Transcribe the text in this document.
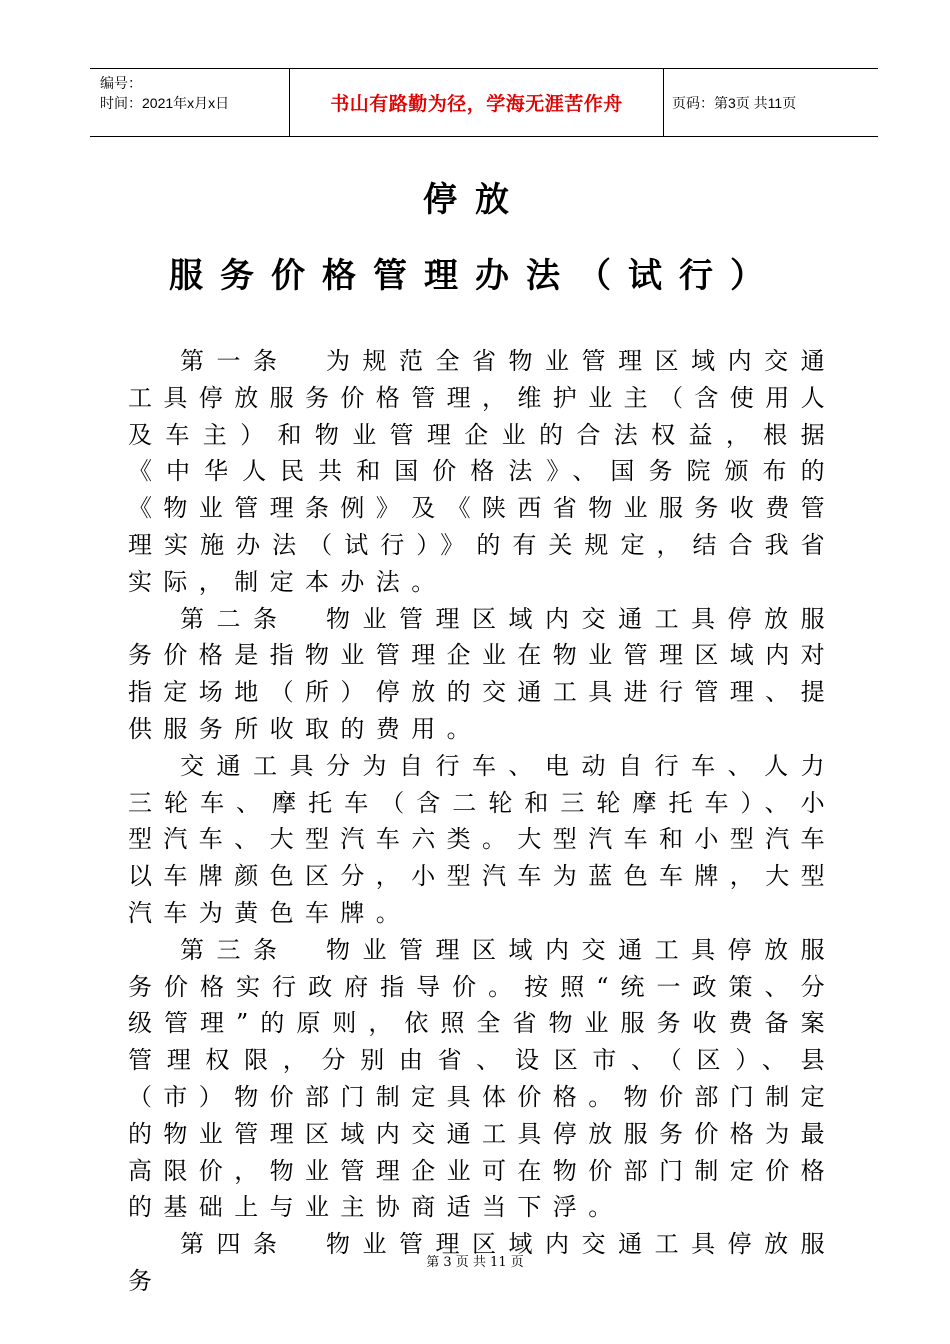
编号：
时间：2021年x月x日	书山有路勤为径，学海无涯苦作舟	页码：第3页 共11页
停放
服务价格管理办法（试行）

第一条　为规范全省物业管理区域内交通工具停放服务价格管理，维护业主（含使用人及车主）和物业管理企业的合法权益，根据《中华人民共和国价格法》、国务院颁布的《物业管理条例》及《陕西省物业服务收费管理实施办法（试行）》的有关规定，结合我省实际，制定本办法。

第二条　物业管理区域内交通工具停放服务价格是指物业管理企业在物业管理区域内对指定场地（所）停放的交通工具进行管理、提供服务所收取的费用。

交通工具分为自行车、电动自行车、人力三轮车、摩托车（含二轮和三轮摩托车）、小型汽车、大型汽车六类。大型汽车和小型汽车以车牌颜色区分，小型汽车为蓝色车牌，大型汽车为黄色车牌。

第三条　物业管理区域内交通工具停放服务价格实行政府指导价。按照“统一政策、分级管理”的原则，依照全省物业服务收费备案管理权限，分别由省、设区市、（区）、县（市）物价部门制定具体价格。物价部门制定的物业管理区域内交通工具停放服务价格为最高限价，物业管理企业可在物价部门制定价格的基础上与业主协商适当下浮。

第四条　物业管理区域内交通工具停放服务

第 3 页 共 11 页
